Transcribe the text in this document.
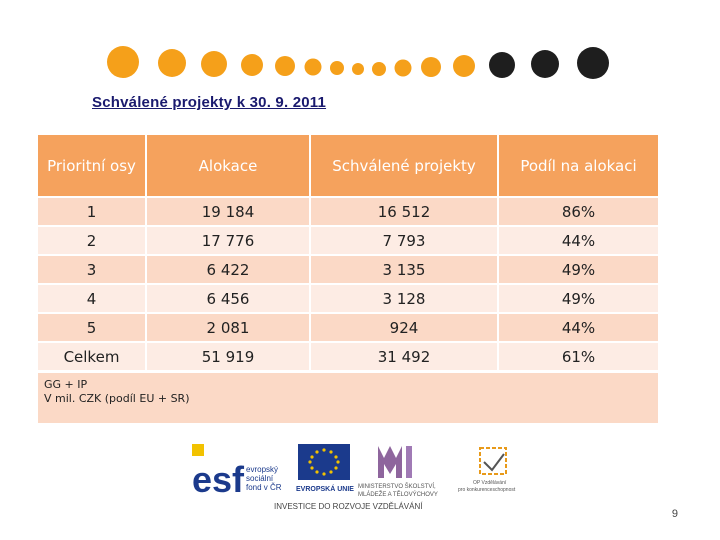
Schválené projekty k 30. 9. 2011
Prioritní osy	Alokace	Schválené projekty	Podíl na alokaci
1	19 184	16 512	86%
2	17 776	7 793	44%
3	6 422	3 135	49%
4	6 456	3 128	49%
5	2 081	924	44%
Celkem	51 919	31 492	61%
GG + IP
V mil. CZK (podíl EU + SR)
esf evropský
sociální
fond v ČR EVROPSKÁ UNIE MINISTERSTVO ŠKOLSTVÍ,
MLÁDEŽE A TĚLOVÝCHOVY
OP Vzdělávání
pro konkurenceschopnost
INVESTICE DO ROZVOJE VZDĚLÁVÁNÍ
9
